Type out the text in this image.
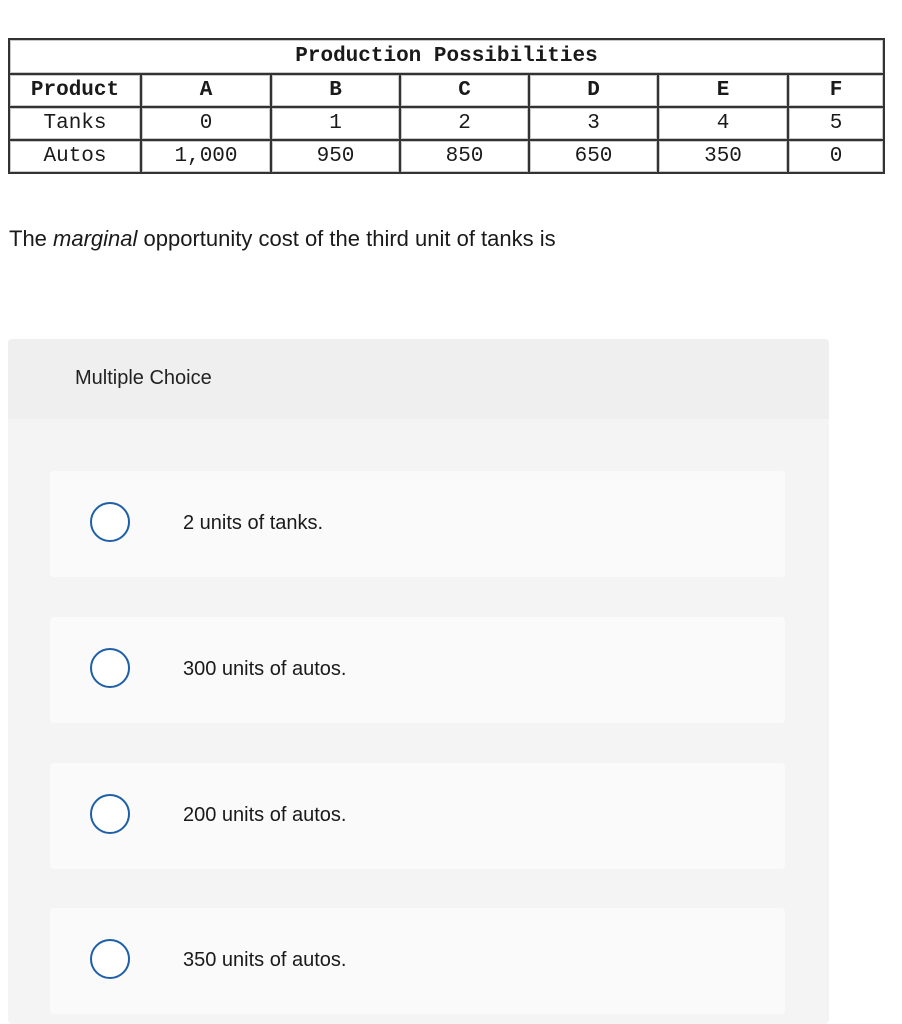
Production Possibilities						
Product	A	B	C	D	E	F
Tanks	0	1	2	3	4	5
Autos	1,000	950	850	650	350	0
The marginal opportunity cost of the third unit of tanks is
Multiple Choice
2 units of tanks.
300 units of autos.
200 units of autos.
350 units of autos.
